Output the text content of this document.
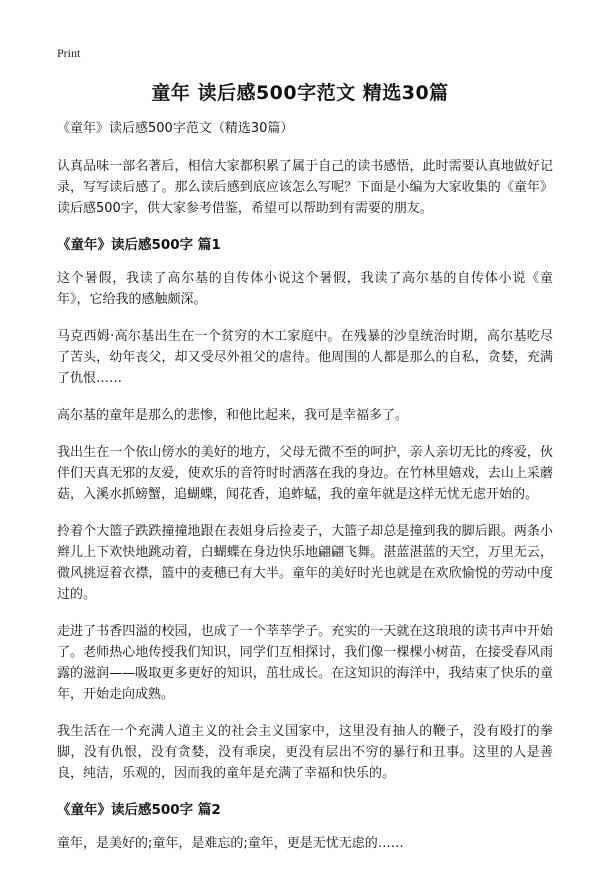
Print
童年 读后感500字范文 精选30篇
《童年》读后感500字范文（精选30篇）

认真品味一部名著后，相信大家都积累了属于自己的读书感悟，此时需要认真地做好记录，写写读后感了。那么读后感到底应该怎么写呢？下面是小编为大家收集的《童年》读后感500字，供大家参考借鉴，希望可以帮助到有需要的朋友。

《童年》读后感500字 篇1

这个暑假，我读了高尔基的自传体小说这个暑假，我读了高尔基的自传体小说《童年》，它给我的感触颇深。

马克西姆·高尔基出生在一个贫穷的木工家庭中。在残暴的沙皇统治时期，高尔基吃尽了苦头，幼年丧父，却又受尽外祖父的虐待。他周围的人都是那么的自私，贪婪，充满了仇恨……

高尔基的童年是那么的悲惨，和他比起来，我可是幸福多了。

我出生在一个依山傍水的美好的地方，父母无微不至的呵护，亲人亲切无比的疼爱，伙伴们天真无邪的友爱，使欢乐的音符时时洒落在我的身边。在竹林里嬉戏，去山上采蘑菇，入溪水抓螃蟹，追蝴蝶，闻花香，追蚱蜢，我的童年就是这样无忧无虑开始的。

拎着个大篮子跌跌撞撞地跟在表姐身后捡麦子，大篮子却总是撞到我的脚后跟。两条小辫儿上下欢快地跳动着，白蝴蝶在身边快乐地翩翩飞舞。湛蓝湛蓝的天空，万里无云，微风挑逗着衣襟，篮中的麦穗已有大半。童年的美好时光也就是在欢欣愉悦的劳动中度过的。

走进了书香四溢的校园，也成了一个莘莘学子。充实的一天就在这琅琅的读书声中开始了。老师热心地传授我们知识，同学们互相探讨，我们像一棵棵小树苗，在接受春风雨露的滋润——吸取更多更好的知识，茁壮成长。在这知识的海洋中，我结束了快乐的童年，开始走向成熟。

我生活在一个充满人道主义的社会主义国家中，这里没有抽人的鞭子，没有殴打的拳脚，没有仇恨，没有贪婪，没有乖戾，更没有层出不穷的暴行和丑事。这里的人是善良，纯洁，乐观的，因而我的童年是充满了幸福和快乐的。

《童年》读后感500字 篇2

童年，是美好的;童年，是难忘的;童年，更是无忧无虑的……
